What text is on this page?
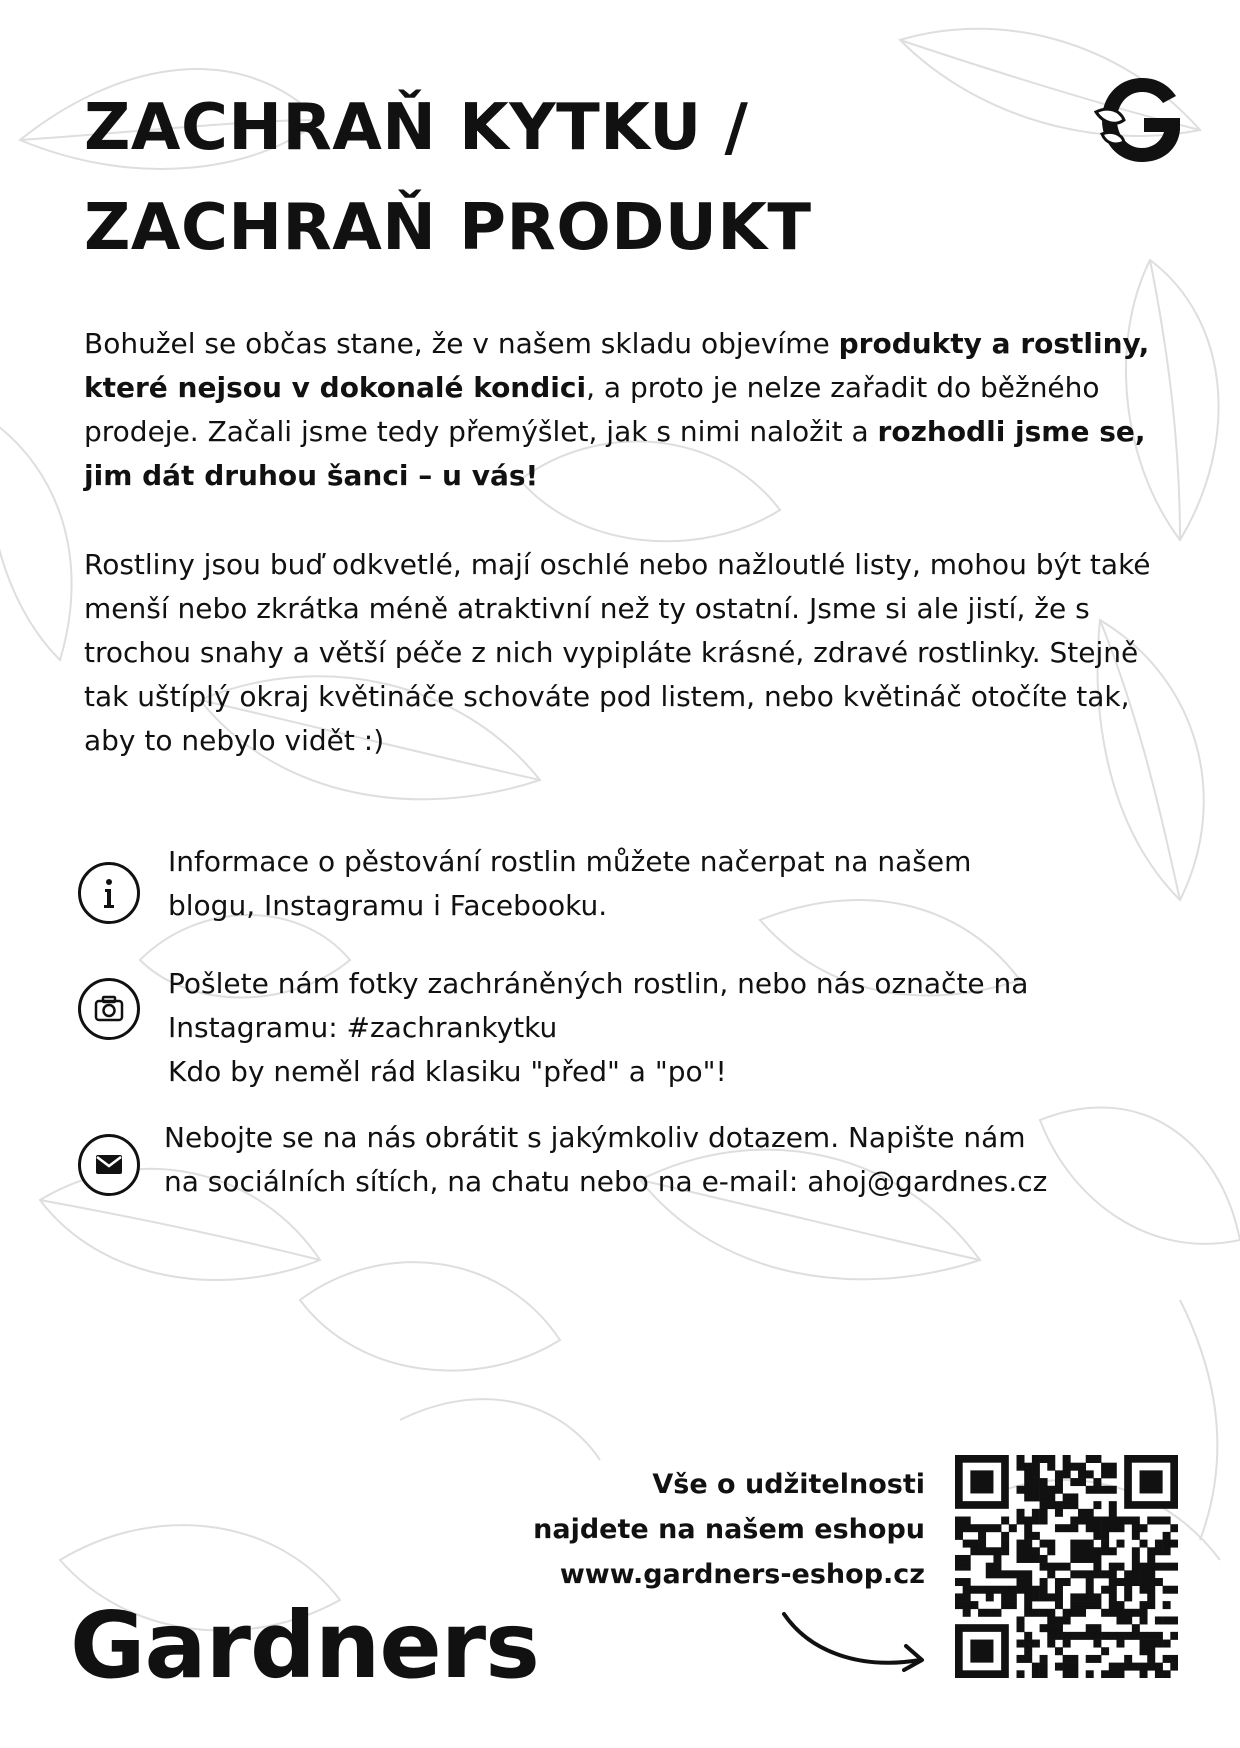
ZACHRAŇ KYTKU /
ZACHRAŇ PRODUKT

Bohužel se občas stane, že v našem skladu objevíme produkty a rostliny, které nejsou v dokonalé kondici, a proto je nelze zařadit do běžného prodeje. Začali jsme tedy přemýšlet, jak s nimi naložit a rozhodli jsme se, jim dát druhou šanci – u vás!

Rostliny jsou buď odkvetlé, mají oschlé nebo nažloutlé listy, mohou být také menší nebo zkrátka méně atraktivní než ty ostatní. Jsme si ale jistí, že s trochou snahy a větší péče z nich vypipláte krásné, zdravé rostlinky. Stejně tak uštíplý okraj květináče schováte pod listem, nebo květináč otočíte tak, aby to nebylo vidět :)

Informace o pěstování rostlin můžete načerpat na našem
blogu, Instagramu i Facebooku.

Pošlete nám fotky zachráněných rostlin, nebo nás označte na
Instagramu: #zachrankytku
Kdo by neměl rád klasiku "před" a "po"!

Nebojte se na nás obrátit s jakýmkoliv dotazem. Napište nám
na sociálních sítích, na chatu nebo na e-mail: ahoj@gardnes.cz

Vše o udžitelnosti
najdete na našem eshopu
www.gardners-eshop.cz

Gardners
